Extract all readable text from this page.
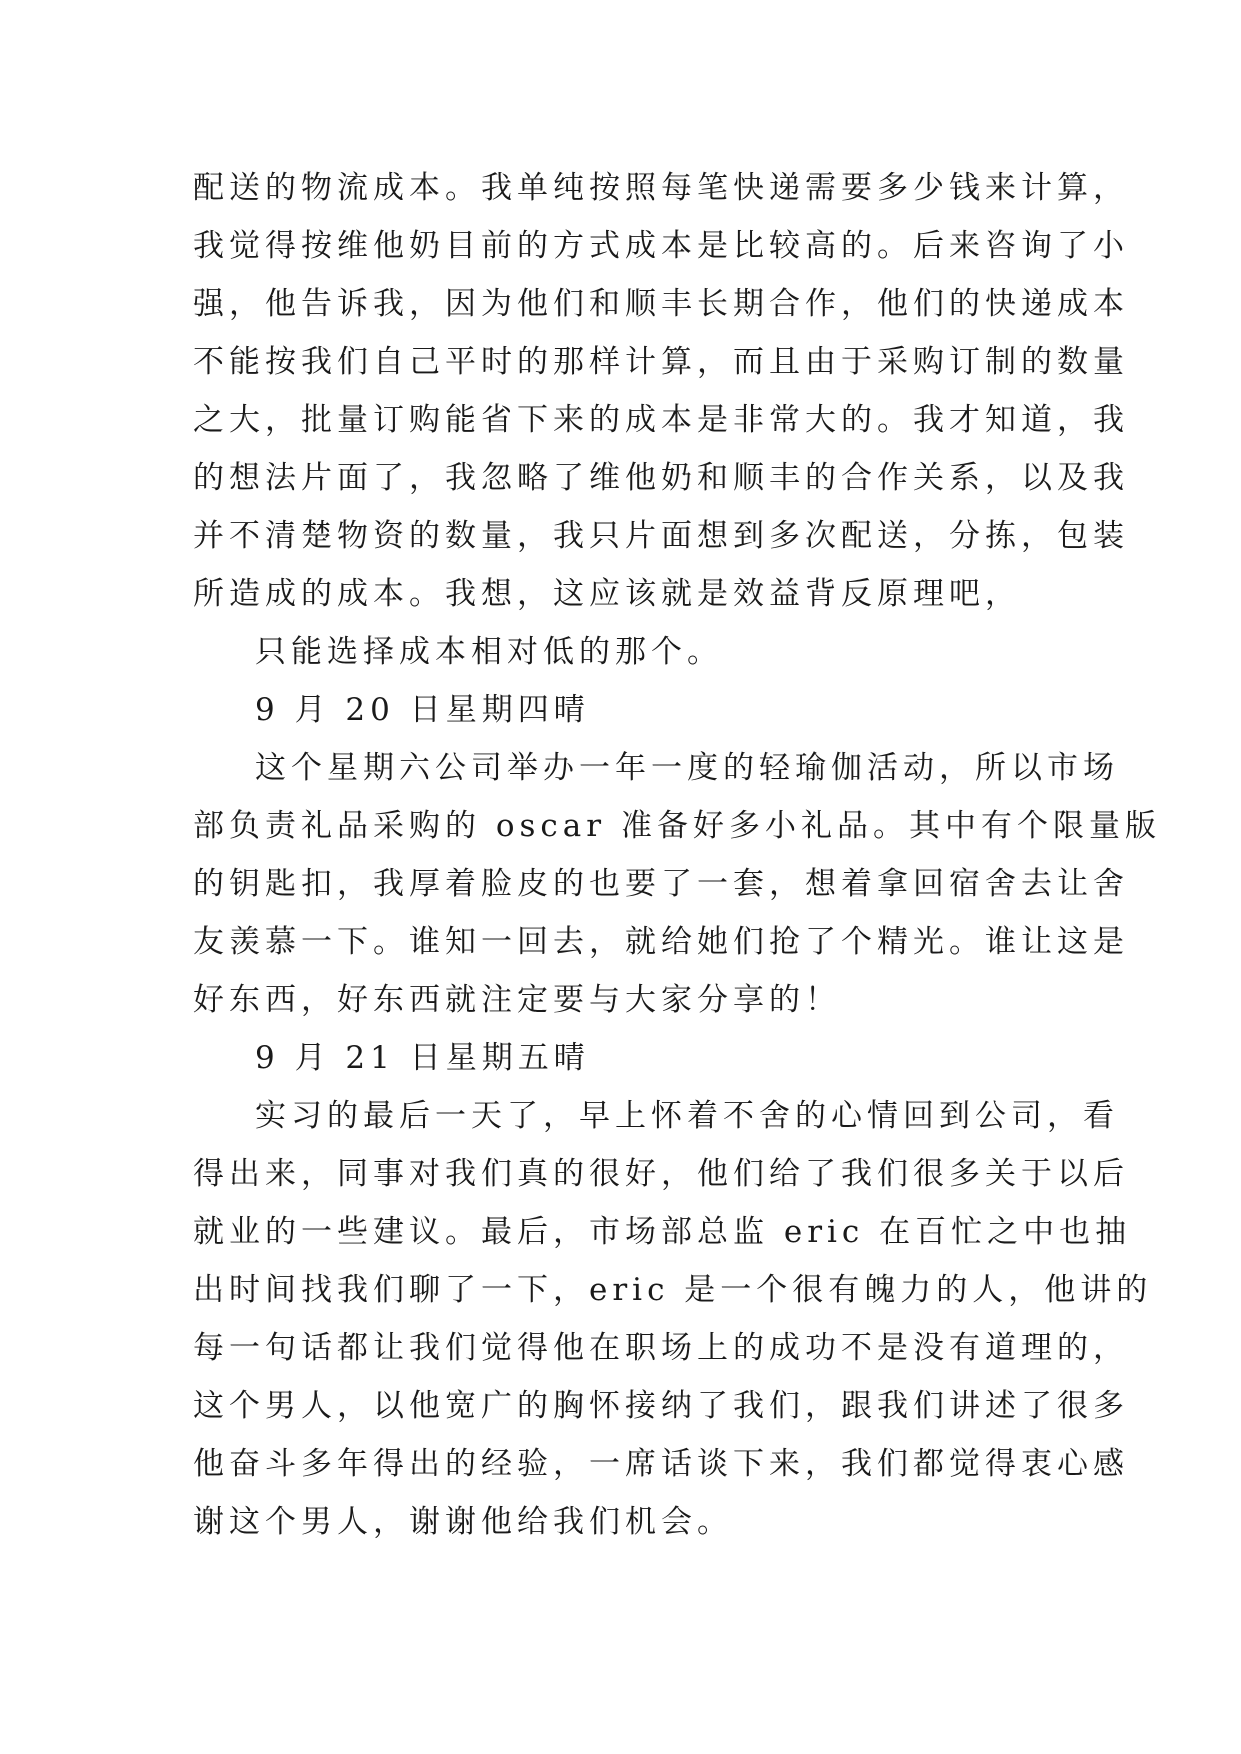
配送的物流成本。我单纯按照每笔快递需要多少钱来计算，
我觉得按维他奶目前的方式成本是比较高的。后来咨询了小
强，他告诉我，因为他们和顺丰长期合作，他们的快递成本
不能按我们自己平时的那样计算，而且由于采购订制的数量
之大，批量订购能省下来的成本是非常大的。我才知道，我
的想法片面了，我忽略了维他奶和顺丰的合作关系，以及我
并不清楚物资的数量，我只片面想到多次配送，分拣，包装
所造成的成本。我想，这应该就是效益背反原理吧，
只能选择成本相对低的那个。
9 月 20 日星期四晴
这个星期六公司举办一年一度的轻瑜伽活动，所以市场
部负责礼品采购的 oscar 准备好多小礼品。其中有个限量版
的钥匙扣，我厚着脸皮的也要了一套，想着拿回宿舍去让舍
友羡慕一下。谁知一回去，就给她们抢了个精光。谁让这是
好东西，好东西就注定要与大家分享的！
9 月 21 日星期五晴
实习的最后一天了，早上怀着不舍的心情回到公司，看
得出来，同事对我们真的很好，他们给了我们很多关于以后
就业的一些建议。最后，市场部总监 eric 在百忙之中也抽
出时间找我们聊了一下，eric 是一个很有魄力的人，他讲的
每一句话都让我们觉得他在职场上的成功不是没有道理的，
这个男人，以他宽广的胸怀接纳了我们，跟我们讲述了很多
他奋斗多年得出的经验，一席话谈下来，我们都觉得衷心感
谢这个男人，谢谢他给我们机会。
